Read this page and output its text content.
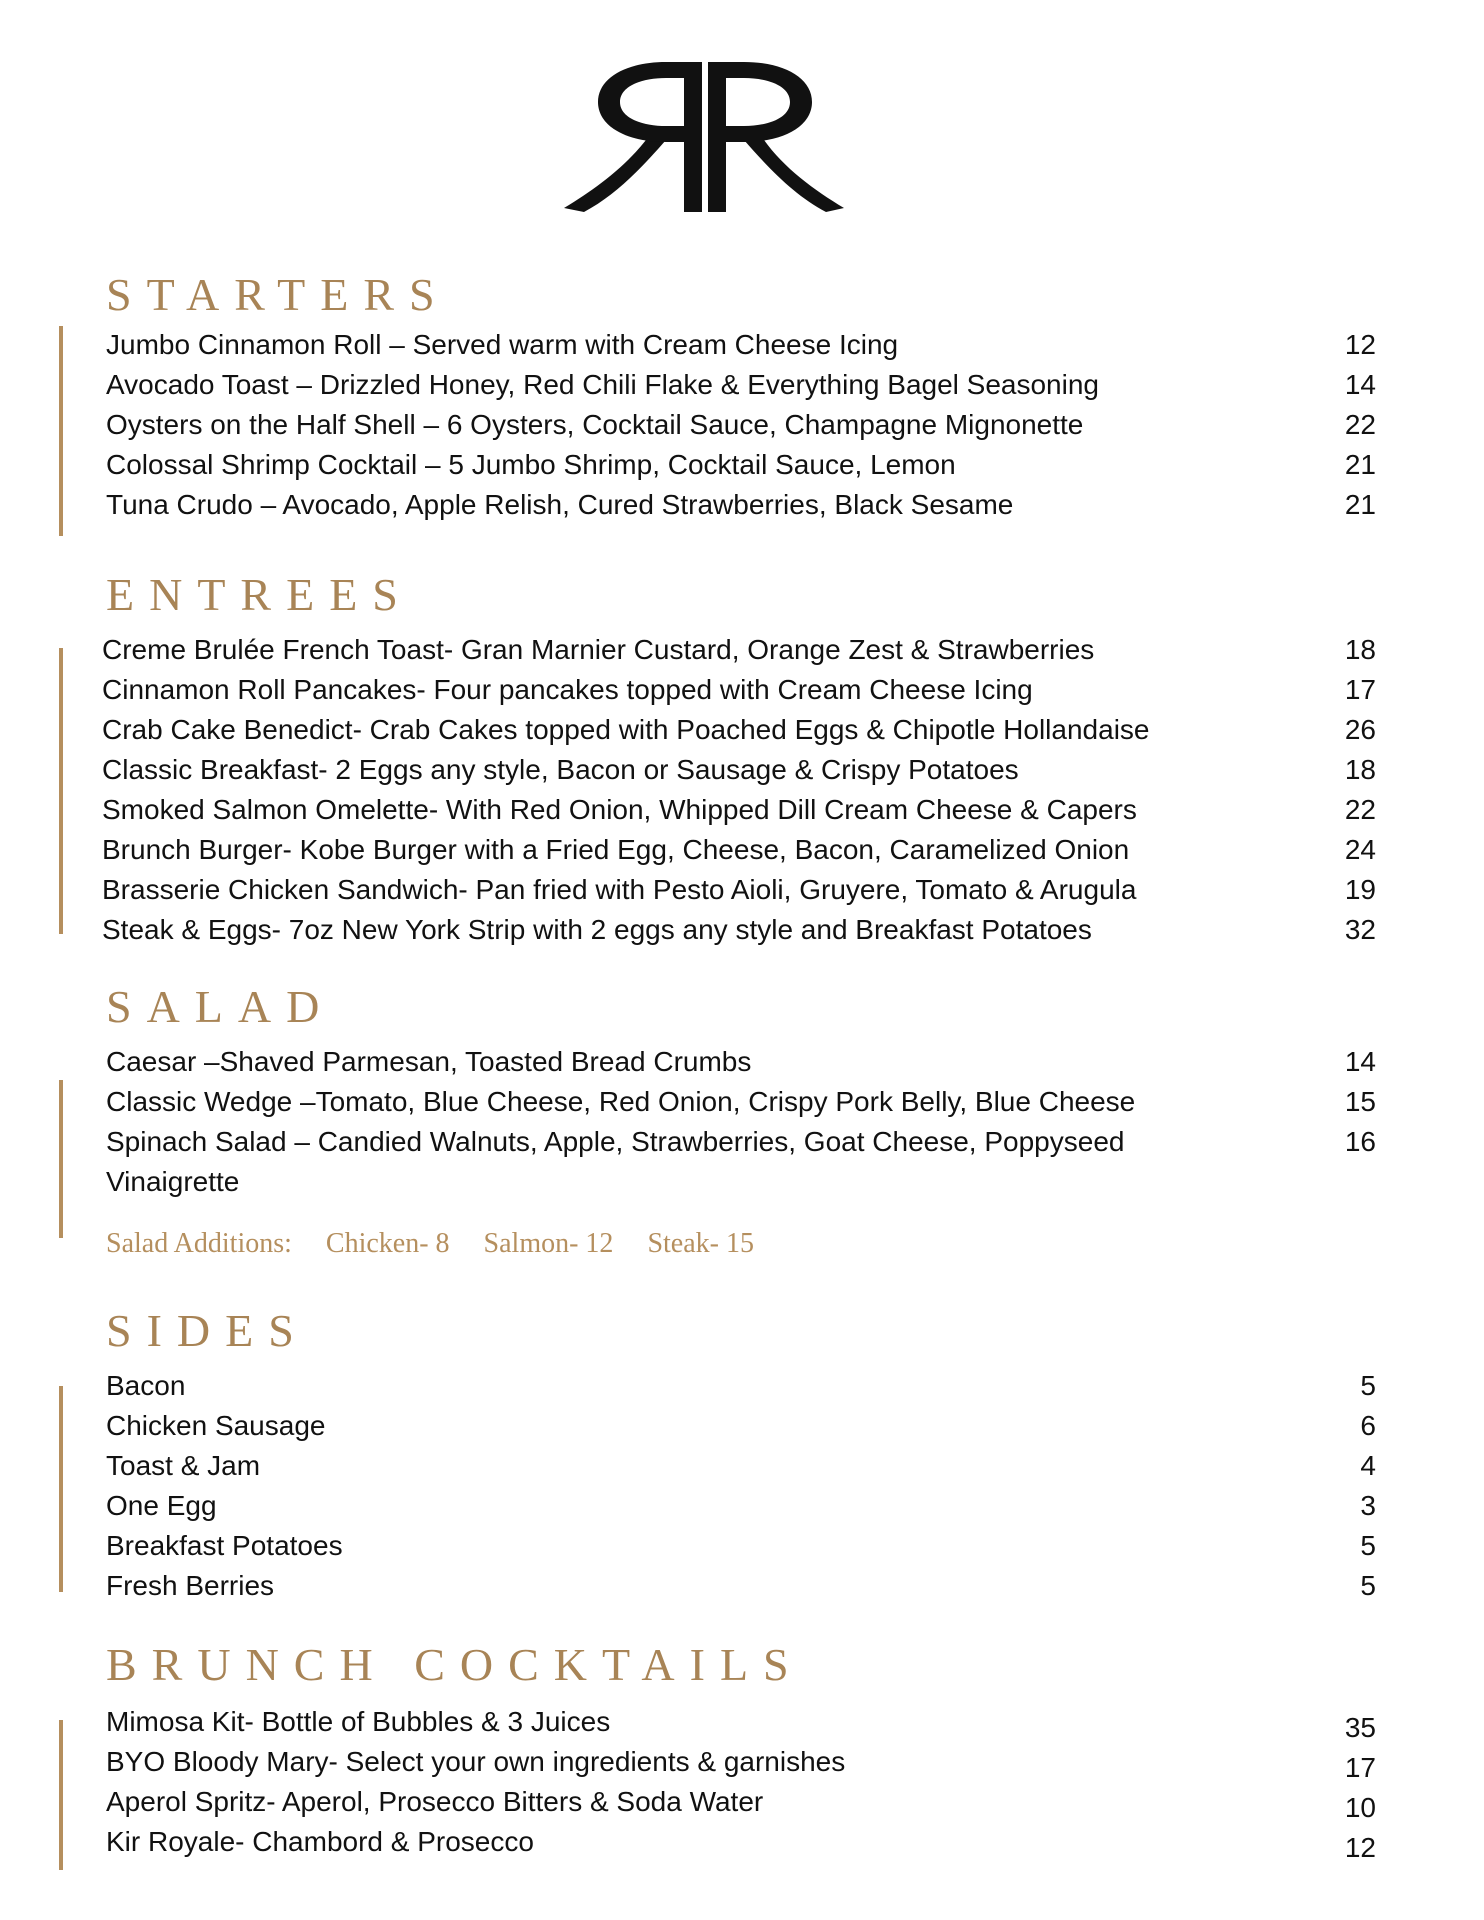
STARTERS
Jumbo Cinnamon Roll – Served warm with Cream Cheese Icing	12
Avocado Toast – Drizzled Honey, Red Chili Flake & Everything Bagel Seasoning	14
Oysters on the Half Shell – 6 Oysters, Cocktail Sauce, Champagne Mignonette	22
Colossal Shrimp Cocktail – 5 Jumbo Shrimp, Cocktail Sauce, Lemon	21
Tuna Crudo – Avocado, Apple Relish, Cured Strawberries, Black Sesame	21
ENTREES
Creme Brulée French Toast- Gran Marnier Custard, Orange Zest & Strawberries	18
Cinnamon Roll Pancakes- Four pancakes topped with Cream Cheese Icing	17
Crab Cake Benedict- Crab Cakes topped with Poached Eggs & Chipotle Hollandaise	26
Classic Breakfast- 2 Eggs any style, Bacon or Sausage & Crispy Potatoes	18
Smoked Salmon Omelette- With Red Onion, Whipped Dill Cream Cheese & Capers	22
Brunch Burger- Kobe Burger with a Fried Egg, Cheese, Bacon, Caramelized Onion	24
Brasserie Chicken Sandwich- Pan fried with Pesto Aioli, Gruyere, Tomato & Arugula	19
Steak & Eggs- 7oz New York Strip with 2 eggs any style and Breakfast Potatoes	32
SALAD
Caesar –Shaved Parmesan, Toasted Bread Crumbs	14
Classic Wedge –Tomato, Blue Cheese, Red Onion, Crispy Pork Belly, Blue Cheese	15
Spinach Salad – Candied Walnuts, Apple, Strawberries, Goat Cheese, Poppyseed	16
Vinaigrette
Salad Additions: Chicken- 8 Salmon- 12 Steak- 15
SIDES
Bacon	5
Chicken Sausage	6
Toast & Jam	4
One Egg	3
Breakfast Potatoes	5
Fresh Berries	5
BRUNCH COCKTAILS
Mimosa Kit- Bottle of Bubbles & 3 Juices	35
BYO Bloody Mary- Select your own ingredients & garnishes	17
Aperol Spritz- Aperol, Prosecco Bitters & Soda Water	10
Kir Royale- Chambord & Prosecco	12
